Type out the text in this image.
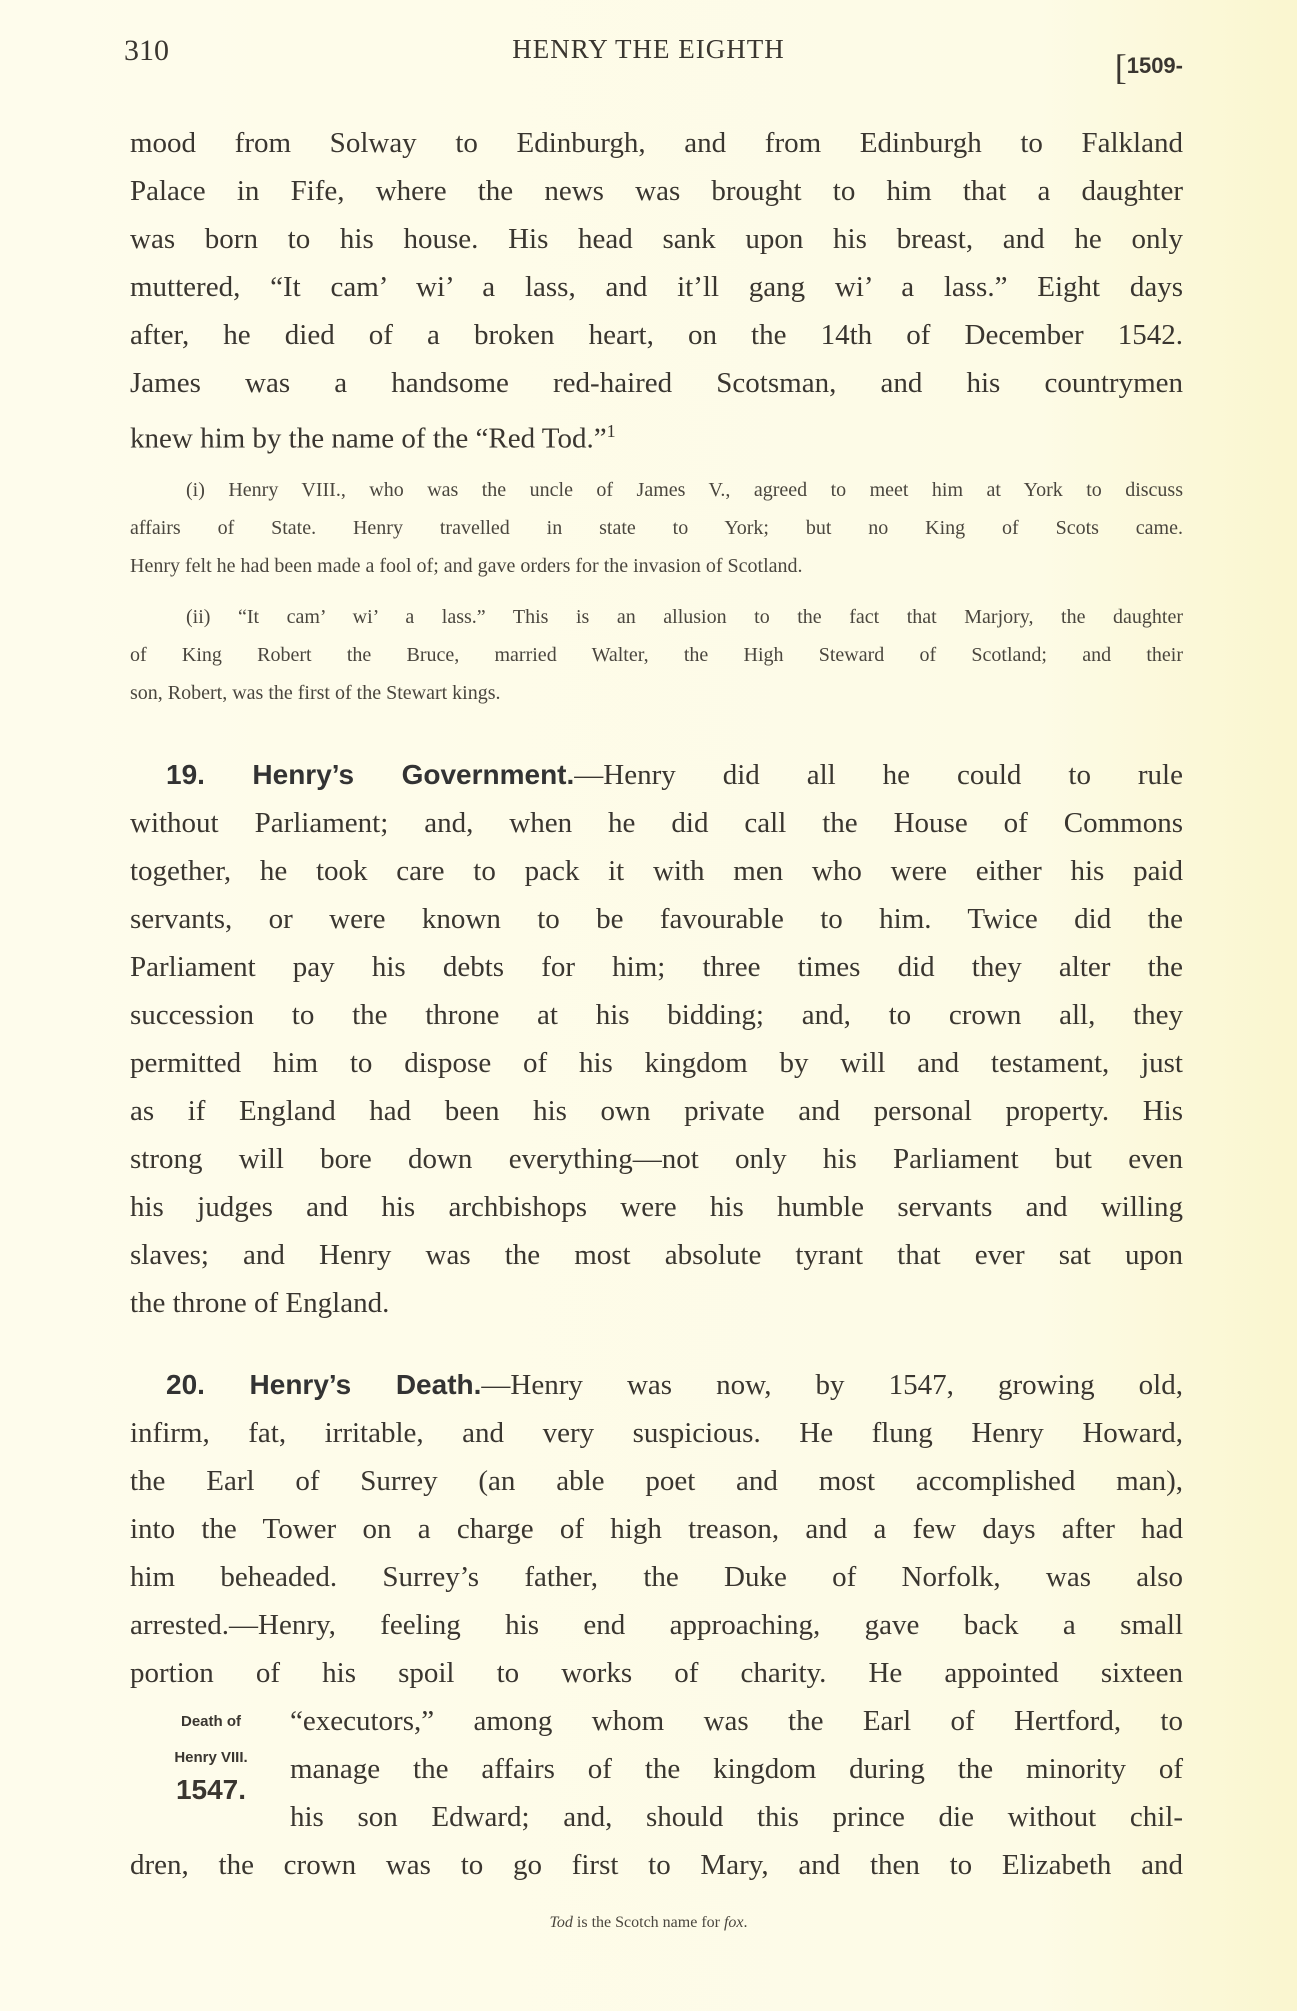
310	HENRY THE EIGHTH	[1509-
mood from Solway to Edinburgh, and from Edinburgh to Falkland
Palace in Fife, where the news was brought to him that a daughter
was born to his house. His head sank upon his breast, and he only
muttered, “It cam’ wi’ a lass, and it’ll gang wi’ a lass.” Eight days
after, he died of a broken heart, on the 14th of December 1542.
James was a handsome red-haired Scotsman, and his countrymen
knew him by the name of the “Red Tod.”$^1$
(i) Henry VIII., who was the uncle of James V., agreed to meet him at York to discuss
affairs of State. Henry travelled in state to York; but no King of Scots came.
Henry felt he had been made a fool of; and gave orders for the invasion of Scotland.
(ii) “It cam’ wi’ a lass.” This is an allusion to the fact that Marjory, the daughter
of King Robert the Bruce, married Walter, the High Steward of Scotland; and their
son, Robert, was the first of the Stewart kings.
19. Henry’s Government.—Henry did all he could to rule
without Parliament; and, when he did call the House of Commons
together, he took care to pack it with men who were either his paid
servants, or were known to be favourable to him. Twice did the
Parliament pay his debts for him; three times did they alter the
succession to the throne at his bidding; and, to crown all, they
permitted him to dispose of his kingdom by will and testament, just
as if England had been his own private and personal property. His
strong will bore down everything—not only his Parliament but even
his judges and his archbishops were his humble servants and willing
slaves; and Henry was the most absolute tyrant that ever sat upon
the throne of England.
20. Henry’s Death.—Henry was now, by 1547, growing old,
infirm, fat, irritable, and very suspicious. He flung Henry Howard,
the Earl of Surrey (an able poet and most accomplished man),
into the Tower on a charge of high treason, and a few days after had
him beheaded. Surrey’s father, the Duke of Norfolk, was also
arrested.—Henry, feeling his end approaching, gave back a small
portion of his spoil to works of charity. He appointed sixteen
“executors,” among whom was the Earl of Hertford, to
manage the affairs of the kingdom during the minority of
his son Edward; and, should this prince die without chil-
dren, the crown was to go first to Mary, and then to Elizabeth and
Death of
Henry VIII.
1547.
Tod is the Scotch name for fox.
